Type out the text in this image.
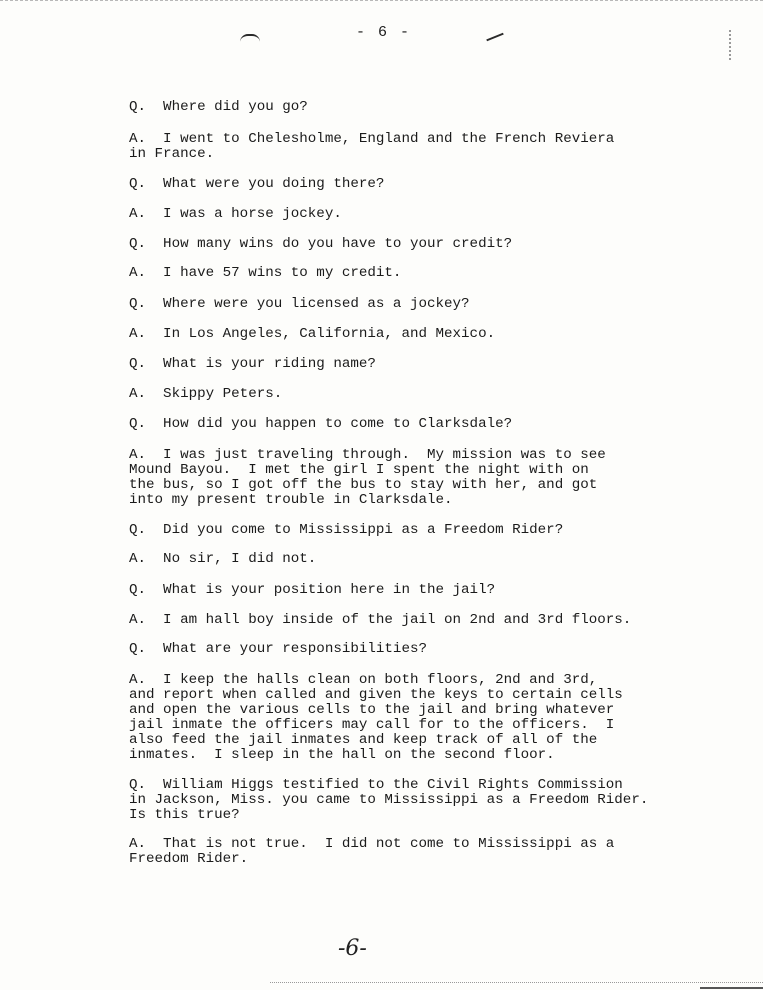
- 6 -

Q.  Where did you go?

A.  I went to Chelesholme, England and the French Reviera
in France.

Q.  What were you doing there?

A.  I was a horse jockey.

Q.  How many wins do you have to your credit?

A.  I have 57 wins to my credit.

Q.  Where were you licensed as a jockey?

A.  In Los Angeles, California, and Mexico.

Q.  What is your riding name?

A.  Skippy Peters.

Q.  How did you happen to come to Clarksdale?

A.  I was just traveling through.  My mission was to see
Mound Bayou.  I met the girl I spent the night with on
the bus, so I got off the bus to stay with her, and got
into my present trouble in Clarksdale.

Q.  Did you come to Mississippi as a Freedom Rider?

A.  No sir, I did not.

Q.  What is your position here in the jail?

A.  I am hall boy inside of the jail on 2nd and 3rd floors.

Q.  What are your responsibilities?

A.  I keep the halls clean on both floors, 2nd and 3rd,
and report when called and given the keys to certain cells
and open the various cells to the jail and bring whatever
jail inmate the officers may call for to the officers.  I
also feed the jail inmates and keep track of all of the
inmates.  I sleep in the hall on the second floor.

Q.  William Higgs testified to the Civil Rights Commission
in Jackson, Miss. you came to Mississippi as a Freedom Rider.
Is this true?

A.  That is not true.  I did not come to Mississippi as a
Freedom Rider.

-6-
